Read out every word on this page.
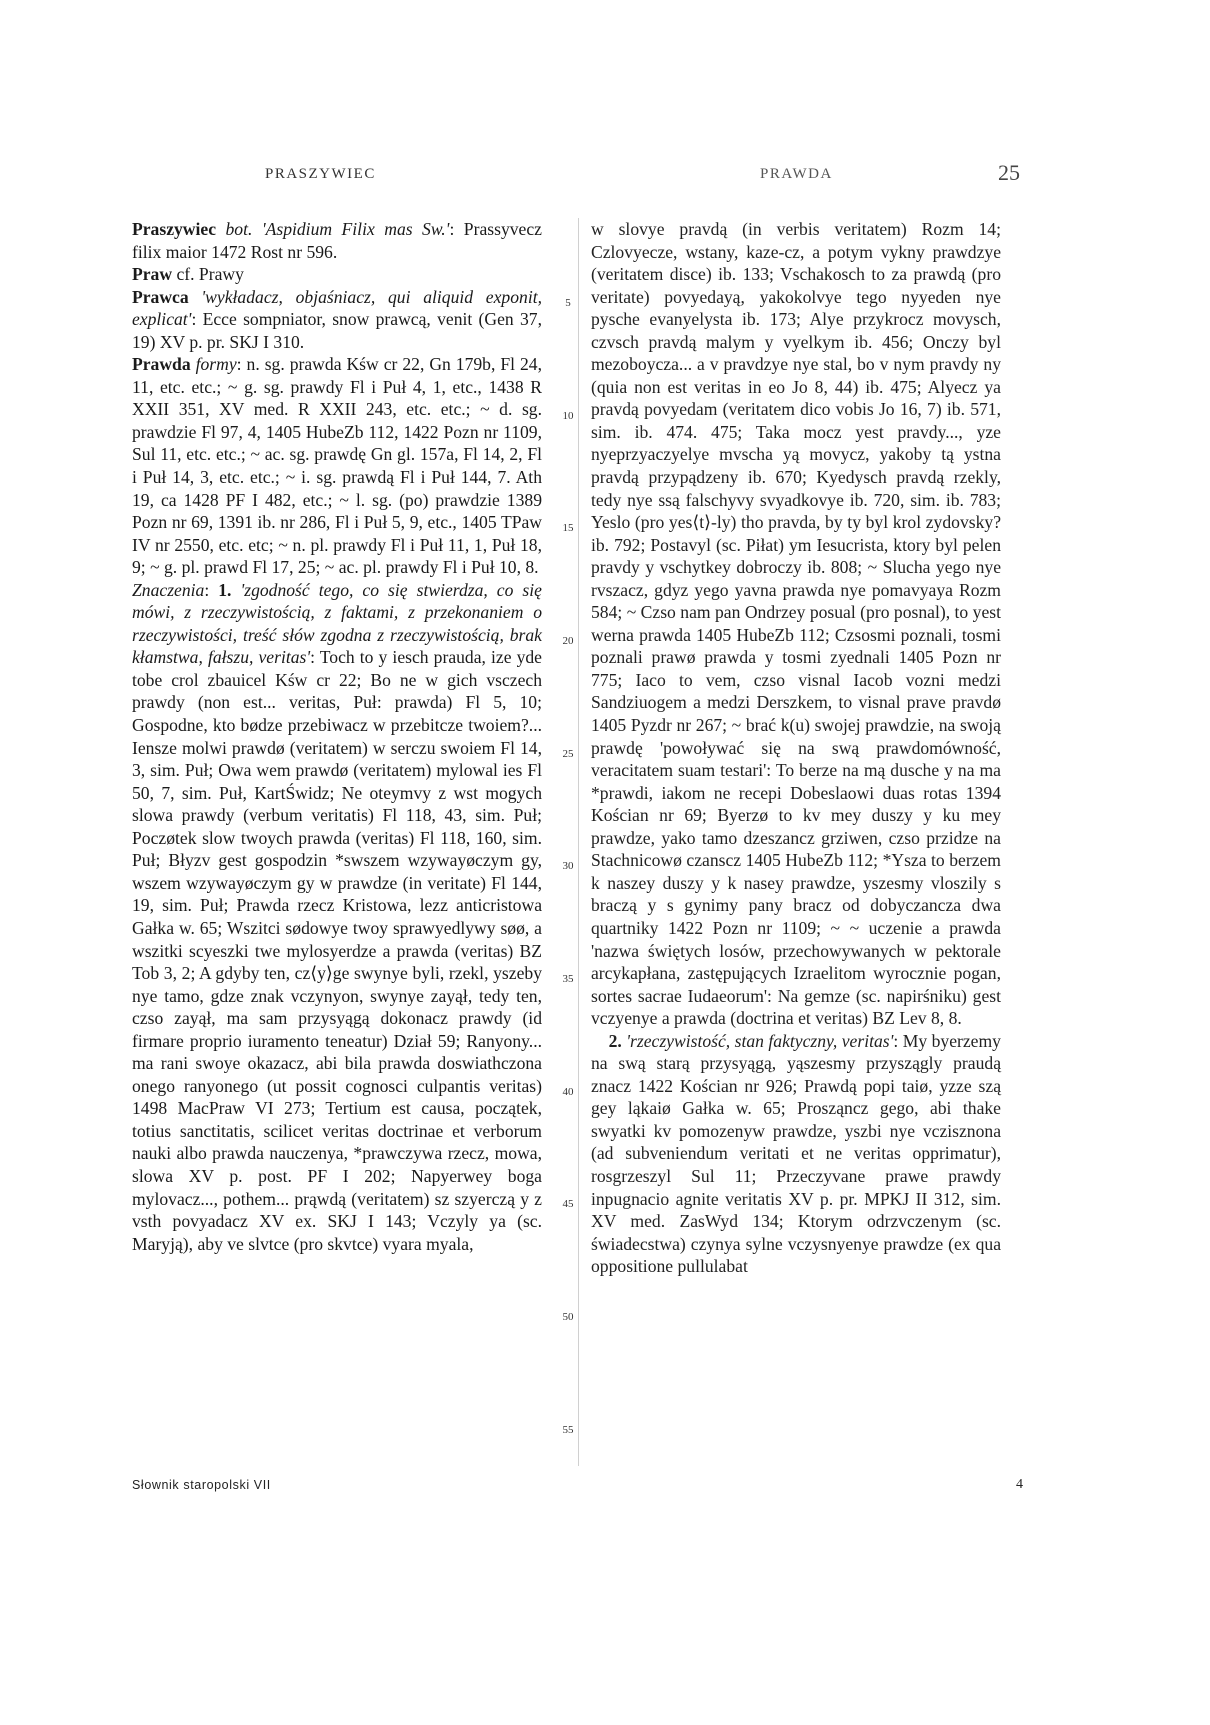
PRASZYWIEC	PRAWDA	25

Praszywiec bot. 'Aspidium Filix mas Sw.': Prassyvecz filix maior 1472 Rost nr 596.

Praw cf. Prawy

Prawca 'wykładacz, objaśniacz, qui aliquid exponit, explicat': Ecce sompniator, snow prawcą, venit (Gen 37, 19) XV p. pr. SKJ I 310.

Prawda formy: n. sg. prawda Kśw cr 22, Gn 179b, Fl 24, 11, etc. etc.; ~ g. sg. prawdy Fl i Puł 4, 1, etc., 1438 R XXII 351, XV med. R XXII 243, etc. etc.; ~ d. sg. prawdzie Fl 97, 4, 1405 HubeZb 112, 1422 Pozn nr 1109, Sul 11, etc. etc.; ~ ac. sg. prawdę Gn gl. 157a, Fl 14, 2, Fl i Puł 14, 3, etc. etc.; ~ i. sg. prawdą Fl i Puł 144, 7. Ath 19, ca 1428 PF I 482, etc.; ~ l. sg. (po) prawdzie 1389 Pozn nr 69, 1391 ib. nr 286, Fl i Puł 5, 9, etc., 1405 TPaw IV nr 2550, etc. etc; ~ n. pl. prawdy Fl i Puł 11, 1, Puł 18, 9; ~ g. pl. prawd Fl 17, 25; ~ ac. pl. prawdy Fl i Puł 10, 8.

Znaczenia: 1. 'zgodność tego, co się stwierdza, co się mówi, z rzeczywistością, z faktami, z przekonaniem o rzeczywistości, treść słów zgodna z rzeczywistością, brak kłamstwa, fałszu, veritas': Toch to y iesch prauda, ize yde tobe crol zbauicel Kśw cr 22; Bo ne w gich vsczech prawdy (non est... veritas, Puł: prawda) Fl 5, 10; Gospodne, kto bødze przebiwacz w przebitcze twoiem?... Iensze molwi prawdø (veritatem) w serczu swoiem Fl 14, 3, sim. Puł; Owa wem prawdø (veritatem) mylowal ies Fl 50, 7, sim. Puł, KartŚwidz; Ne oteymvy z wst mogych slowa prawdy (verbum veritatis) Fl 118, 43, sim. Puł; Poczøtek slow twoych prawda (veritas) Fl 118, 160, sim. Puł; Błyzv gest gospodzin *swszem wzywayøczym gy, wszem wzywayøczym gy w prawdze (in veritate) Fl 144, 19, sim. Puł; Prawda rzecz Kristowa, lezz anticristowa Gałka w. 65; Wszitci sødowye twoy sprawyedlywy søø, a wszitki scyeszki twe mylosyerdze a prawda (veritas) BZ Tob 3, 2; A gdyby ten, cz⟨y⟩ge swynye byli, rzekl, yszeby nye tamo, gdze znak vczynyon, swynye zayął, tedy ten, czso zayął, ma sam przysyągą dokonacz prawdy (id firmare proprio iuramento teneatur) Dział 59; Ranyony... ma rani swoye okazacz, abi bila prawda doswiathczona onego ranyonego (ut possit cognosci culpantis veritas) 1498 MacPraw VI 273; Tertium est causa, początek, totius sanctitatis, scilicet veritas doctrinae et verborum nauki albo prawda nauczenya, *prawczywa rzecz, mowa, slowa XV p. post. PF I 202; Napyerwey boga mylovacz..., pothem... prąwdą (veritatem) sz szyerczą y z vsth povyadacz XV ex. SKJ I 143; Vczyly ya (sc. Maryją), aby ve slvtce (pro skvtce) vyara myala,

5
10
15
20
25
30
35
40
45
50
55

w slovye pravdą (in verbis veritatem) Rozm 14; Czlovyecze, wstany, kaze-cz, a potym vykny prawdzye (veritatem disce) ib. 133; Vschakosch to za prawdą (pro veritate) povyedayą, yakokolvye tego nyyeden nye pysche evanyelysta ib. 173; Alye przykrocz movysch, czvsch pravdą malym y vyelkym ib. 456; Onczy byl mezoboycza... a v pravdzye nye stal, bo v nym pravdy ny (quia non est veritas in eo Jo 8, 44) ib. 475; Alyecz ya pravdą povyedam (veritatem dico vobis Jo 16, 7) ib. 571, sim. ib. 474. 475; Taka mocz yest pravdy..., yze nyeprzyaczyelye mvscha yą movycz, yakoby tą ystna pravdą przypądzeny ib. 670; Kyedysch pravdą rzekly, tedy nye ssą falschyvy svyadkovye ib. 720, sim. ib. 783; Yeslo (pro yes⟨t⟩-ly) tho pravda, by ty byl krol zydovsky? ib. 792; Postavyl (sc. Piłat) ym Iesucrista, ktory byl pelen pravdy y vschytkey dobroczy ib. 808; ~ Slucha yego nye rvszacz, gdyz yego yavna prawda nye pomavyaya Rozm 584; ~ Czso nam pan Ondrzey posual (pro posnal), to yest werna prawda 1405 HubeZb 112; Czsosmi poznali, tosmi poznali prawø prawda y tosmi zyednali 1405 Pozn nr 775; Iaco to vem, czso visnal Iacob vozni medzi Sandziuogem a medzi Derszkem, to visnal prave pravdø 1405 Pyzdr nr 267; ~ brać k(u) swojej prawdzie, na swoją prawdę 'powoływać się na swą prawdomówność, veracitatem suam testari': To berze na mą dusche y na ma *prawdi, iakom ne recepi Dobeslaowi duas rotas 1394 Kościan nr 69; Byerzø to kv mey duszy y ku mey prawdze, yako tamo dzeszancz grziwen, czso przidze na Stachnicowø czanscz 1405 HubeZb 112; *Ysza to berzem k naszey duszy y k nasey prawdze, yszesmy vloszily s braczą y s gynimy pany bracz od dobyczancza dwa quartniky 1422 Pozn nr 1109; ~ ~ uczenie a prawda 'nazwa świętych losów, przechowywanych w pektorale arcykapłana, zastępujących Izraelitom wyrocznie pogan, sortes sacrae Iudaeorum': Na gemze (sc. napirśniku) gest vczyenye a prawda (doctrina et veritas) BZ Lev 8, 8.

 2. 'rzeczywistość, stan faktyczny, veritas': My byerzemy na swą starą przysyągą, yąszesmy przysząglу praudą znacz 1422 Kościan nr 926; Prawdą popi taiø, yzze szą gey ląkaiø Gałka w. 65; Prosząncz gego, abi thake swyatki kv pomozenyw prawdze, yszbi nye vczisznona (ad subveniendum veritati et ne veritas opprimatur), rosgrzeszyl Sul 11; Przeczyvane prawe prawdy inpugnacio agnite veritatis XV p. pr. MPKJ II 312, sim. XV med. ZasWyd 134; Ktorym odrzvczenym (sc. świadecstwa) czynya sylne vczysnyenye prawdze (ex qua oppositione pullulabat

Słownik staropolski VII	4
